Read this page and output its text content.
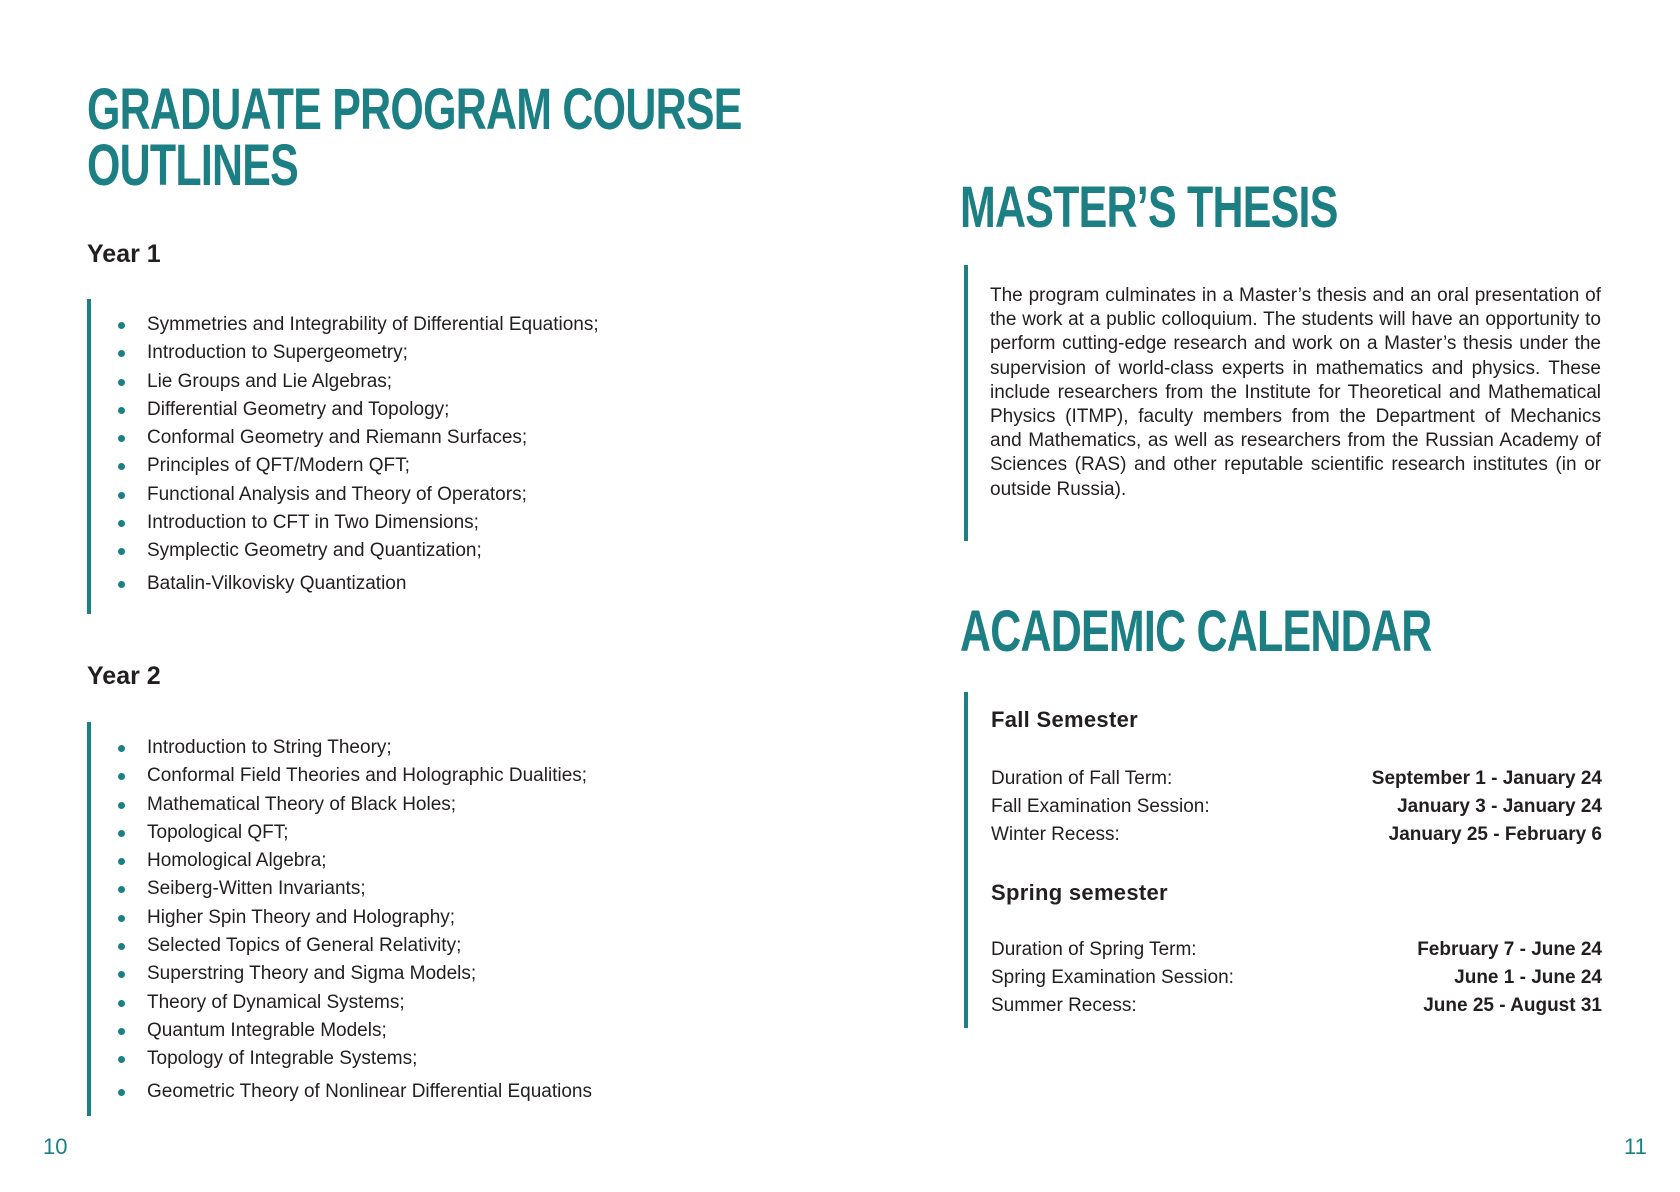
GRADUATE PROGRAM COURSE
OUTLINES
Year 1
Symmetries and Integrability of Differential Equations;
Introduction to Supergeometry;
Lie Groups and Lie Algebras;
Differential Geometry and Topology;
Conformal Geometry and Riemann Surfaces;
Principles of QFT/Modern QFT;
Functional Analysis and Theory of Operators;
Introduction to CFT in Two Dimensions;
Symplectic Geometry and Quantization;
Batalin-Vilkovisky Quantization
Year 2
Introduction to String Theory;
Conformal Field Theories and Holographic Dualities;
Mathematical Theory of Black Holes;
Topological QFT;
Homological Algebra;
Seiberg-Witten Invariants;
Higher Spin Theory and Holography;
Selected Topics of General Relativity;
Superstring Theory and Sigma Models;
Theory of Dynamical Systems;
Quantum Integrable Models;
Topology of Integrable Systems;
Geometric Theory of Nonlinear Differential Equations
10
MASTER’S THESIS

The program culminates in a Master’s thesis and an oral presentation of the work at a public colloquium. The students will have an opportunity to perform cutting-edge research and work on a Master’s thesis under the supervision of world-class experts in mathematics and physics. These include researchers from the Institute for Theoretical and Mathematical Physics (ITMP), faculty members from the Department of Mechanics and Mathematics, as well as researchers from the Russian Academy of Sciences (RAS) and other reputable scientific research institutes (in or outside Russia).

ACADEMIC CALENDAR
Fall Semester
Duration of Fall Term:	September 1 - January 24
Fall Examination Session:	January 3 - January 24
Winter Recess:	January 25 - February 6
Spring semester
Duration of Spring Term:	February 7 - June 24
Spring Examination Session:	June 1 - June 24
Summer Recess:	June 25 - August 31
11
